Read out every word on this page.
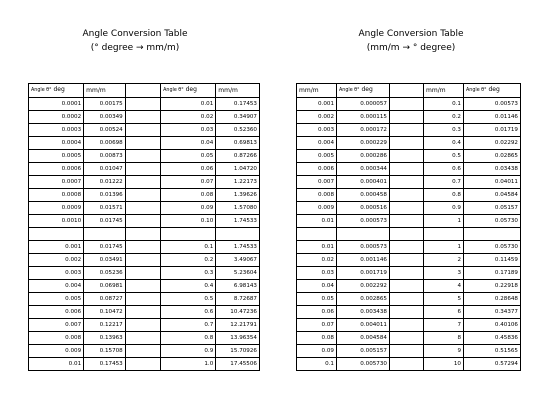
Angle Conversion Table
(° degree → mm/m)
Angle Conversion Table
(mm/m → ° degree)
Angle θ° deg	mm/m		Angle θ° deg	mm/m
0.0001	0.00175		0.01	0.17453
0.0002	0.00349		0.02	0.34907
0.0003	0.00524		0.03	0.52360
0.0004	0.00698		0.04	0.69813
0.0005	0.00873		0.05	0.87266
0.0006	0.01047		0.06	1.04720
0.0007	0.01222		0.07	1.22173
0.0008	0.01396		0.08	1.39626
0.0009	0.01571		0.09	1.57080
0.0010	0.01745		0.10	1.74533

0.001	0.01745		0.1	1.74533
0.002	0.03491		0.2	3.49067
0.003	0.05236		0.3	5.23604
0.004	0.06981		0.4	6.98143
0.005	0.08727		0.5	8.72687
0.006	0.10472		0.6	10.47236
0.007	0.12217		0.7	12.21791
0.008	0.13963		0.8	13.96354
0.009	0.15708		0.9	15.70926
0.01	0.17453		1.0	17.45506
mm/m	Angle θ° deg		mm/m	Angle θ° deg
0.001	0.000057		0.1	0.00573
0.002	0.000115		0.2	0.01146
0.003	0.000172		0.3	0.01719
0.004	0.000229		0.4	0.02292
0.005	0.000286		0.5	0.02865
0.006	0.000344		0.6	0.03438
0.007	0.000401		0.7	0.04011
0.008	0.000458		0.8	0.04584
0.009	0.000516		0.9	0.05157
0.01	0.000573		1	0.05730

0.01	0.000573		1	0.05730
0.02	0.001146		2	0.11459
0.03	0.001719		3	0.17189
0.04	0.002292		4	0.22918
0.05	0.002865		5	0.28648
0.06	0.003438		6	0.34377
0.07	0.004011		7	0.40106
0.08	0.004584		8	0.45836
0.09	0.005157		9	0.51565
0.1	0.005730		10	0.57294
